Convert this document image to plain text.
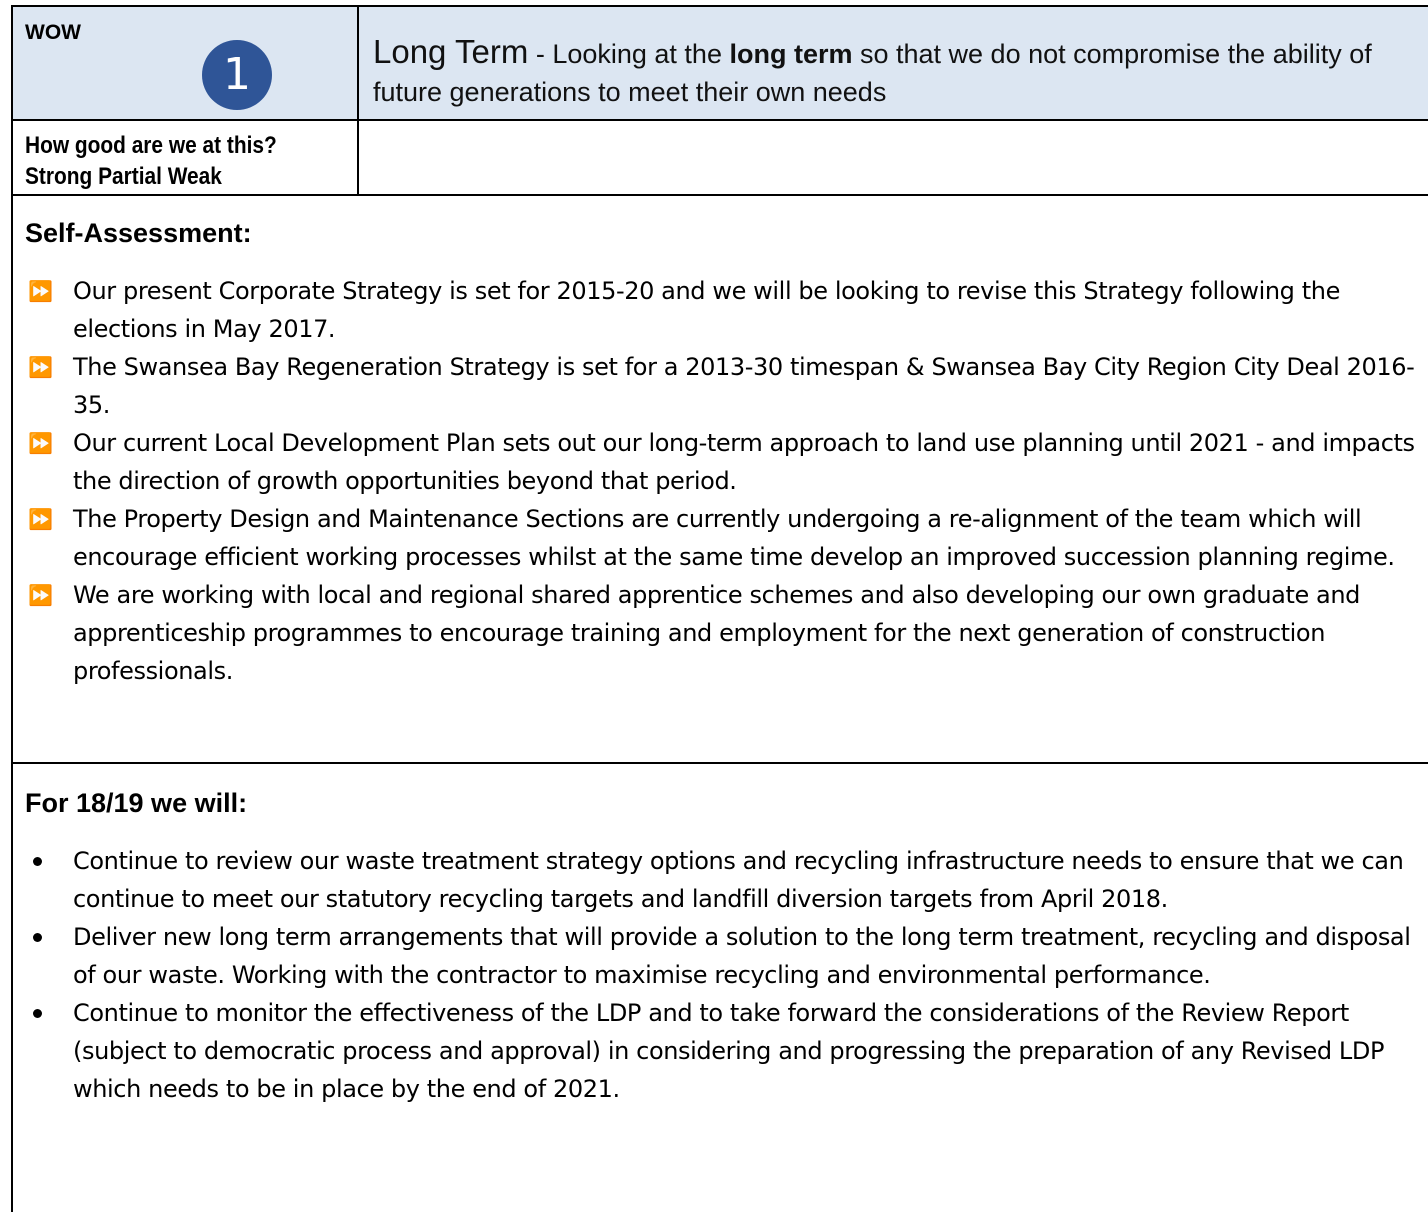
WOW
1	Long Term - Looking at the long term so that we do not compromise the ability of future generations to meet their own needs
How good are we at this?
Strong Partial Weak
Self-Assessment:
⏩ Our present Corporate Strategy is set for 2015-20 and we will be looking to revise this Strategy following the elections in May 2017.
⏩ The Swansea Bay Regeneration Strategy is set for a 2013-30 timespan & Swansea Bay City Region City Deal 2016-35.
⏩ Our current Local Development Plan sets out our long-term approach to land use planning until 2021 - and impacts the direction of growth opportunities beyond that period.
⏩ The Property Design and Maintenance Sections are currently undergoing a re-alignment of the team which will encourage efficient working processes whilst at the same time develop an improved succession planning regime.
⏩ We are working with local and regional shared apprentice schemes and also developing our own graduate and apprenticeship programmes to encourage training and employment for the next generation of construction professionals.
For 18/19 we will:
Continue to review our waste treatment strategy options and recycling infrastructure needs to ensure that we can continue to meet our statutory recycling targets and landfill diversion targets from April 2018.
Deliver new long term arrangements that will provide a solution to the long term treatment, recycling and disposal of our waste. Working with the contractor to maximise recycling and environmental performance.
Continue to monitor the effectiveness of the LDP and to take forward the considerations of the Review Report (subject to democratic process and approval) in considering and progressing the preparation of any Revised LDP which needs to be in place by the end of 2021.
